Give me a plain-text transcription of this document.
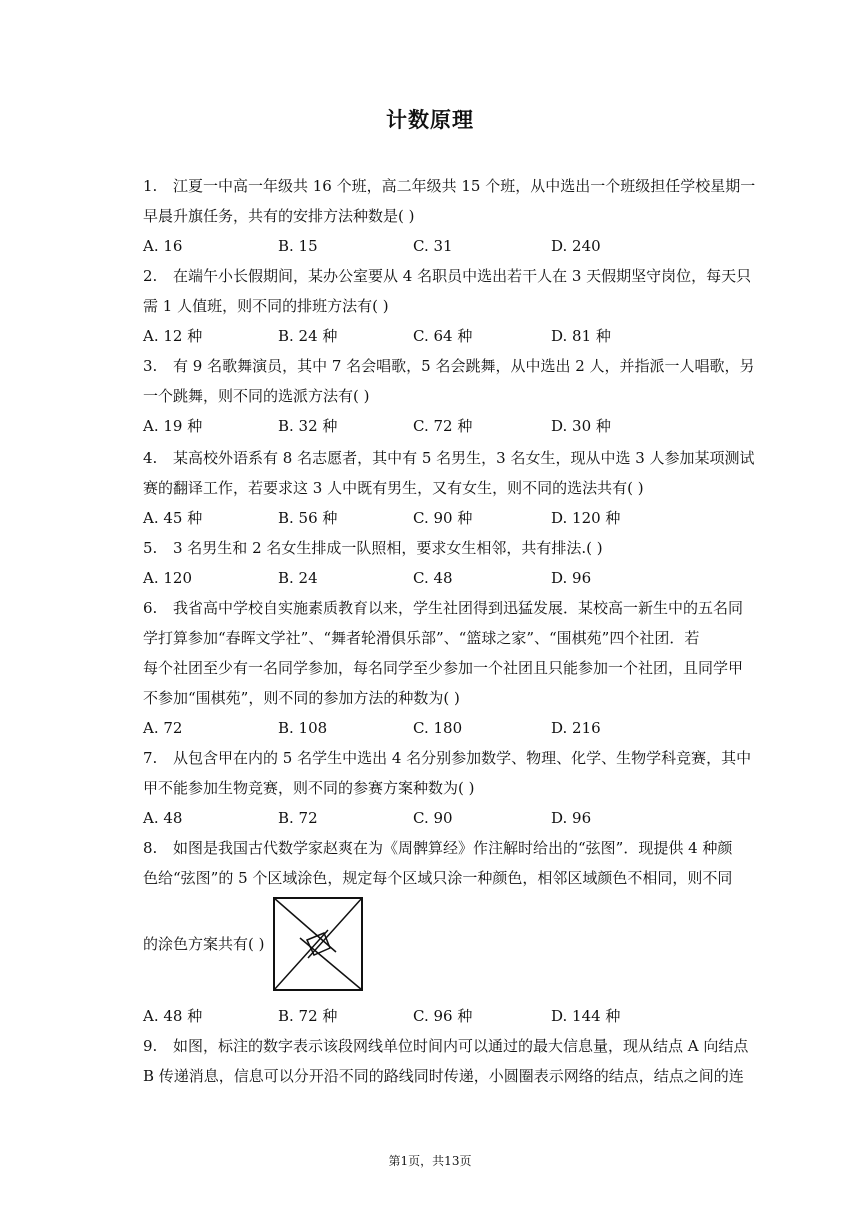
计数原理
1. 江夏一中高一年级共 16 个班，高二年级共 15 个班，从中选出一个班级担任学校星期一
早晨升旗任务，共有的安排方法种数是( )
A. 16	B. 15	C. 31	D. 240
2. 在端午小长假期间，某办公室要从 4 名职员中选出若干人在 3 天假期坚守岗位，每天只
需 1 人值班，则不同的排班方法有( )
A. 12 种	B. 24 种	C. 64 种	D. 81 种
3. 有 9 名歌舞演员，其中 7 名会唱歌，5 名会跳舞，从中选出 2 人，并指派一人唱歌，另
一个跳舞，则不同的选派方法有( )
A. 19 种	B. 32 种	C. 72 种	D. 30 种
4. 某高校外语系有 8 名志愿者，其中有 5 名男生，3 名女生，现从中选 3 人参加某项测试
赛的翻译工作，若要求这 3 人中既有男生，又有女生，则不同的选法共有( )
A. 45 种	B. 56 种	C. 90 种	D. 120 种
5. 3 名男生和 2 名女生排成一队照相，要求女生相邻，共有排法.( )
A. 120	B. 24	C. 48	D. 96
6. 我省高中学校自实施素质教育以来，学生社团得到迅猛发展．某校高一新生中的五名同
学打算参加“春晖文学社”、“舞者轮滑俱乐部”、“篮球之家”、“围棋苑”四个社团．若
每个社团至少有一名同学参加，每名同学至少参加一个社团且只能参加一个社团，且同学甲
不参加“围棋苑”，则不同的参加方法的种数为( )
A. 72	B. 108	C. 180	D. 216
7. 从包含甲在内的 5 名学生中选出 4 名分别参加数学、物理、化学、生物学科竞赛，其中
甲不能参加生物竞赛，则不同的参赛方案种数为( )
A. 48	B. 72	C. 90	D. 96
8. 如图是我国古代数学家赵爽在为《周髀算经》作注解时给出的“弦图”．现提供 4 种颜
色给“弦图”的 5 个区域涂色，规定每个区域只涂一种颜色，相邻区域颜色不相同，则不同
的涂色方案共有( )
A. 48 种	B. 72 种	C. 96 种	D. 144 种
9. 如图，标注的数字表示该段网线单位时间内可以通过的最大信息量，现从结点 A 向结点
B 传递消息，信息可以分开沿不同的路线同时传递，小圆圈表示网络的结点，结点之间的连
第1页，共13页
